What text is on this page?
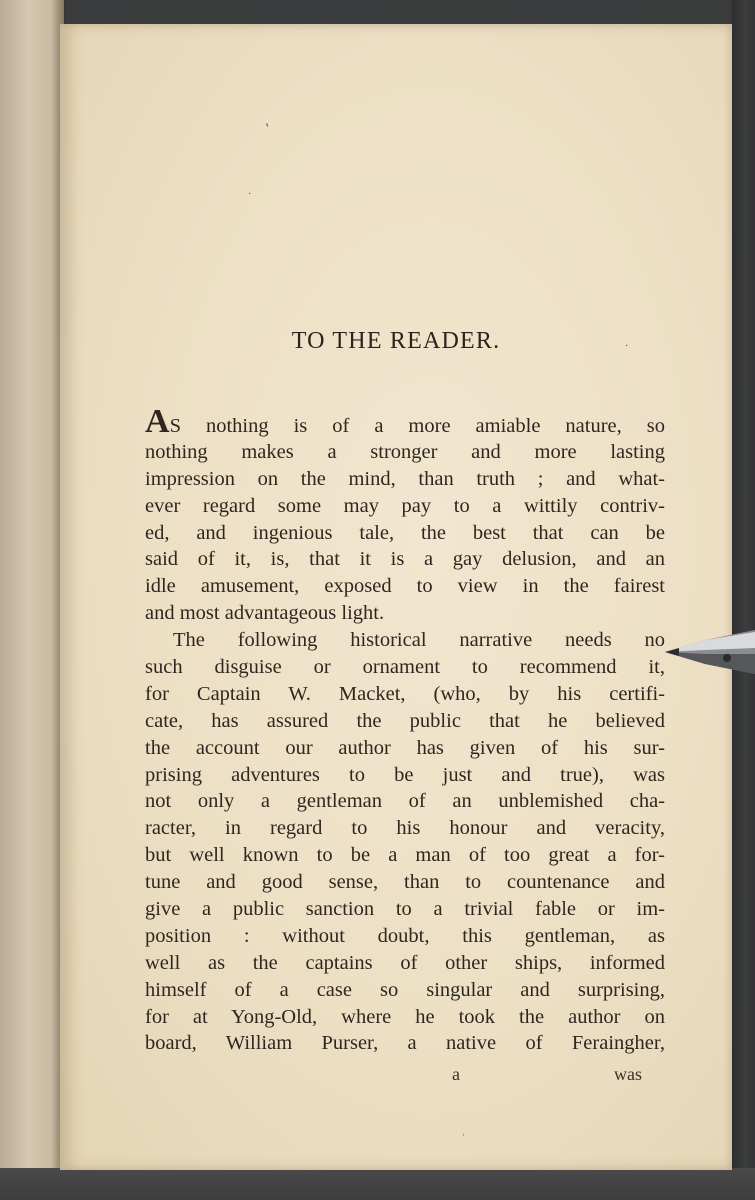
′
·
·
ˈ
TO THE READER.
AS nothing is of a more amiable nature, so
nothing makes a stronger and more lasting
impression on the mind, than truth ; and what-
ever regard some may pay to a wittily contriv-
ed, and ingenious tale, the best that can be
said of it, is, that it is a gay delusion, and an
idle amusement, exposed to view in the fairest
and most advantageous light.
The following historical narrative needs no
such disguise or ornament to recommend it,
for Captain W. Macket, (who, by his certifi-
cate, has assured the public that he believed
the account our author has given of his sur-
prising adventures to be just and true), was
not only a gentleman of an unblemished cha-
racter, in regard to his honour and veracity,
but well known to be a man of too great a for-
tune and good sense, than to countenance and
give a public sanction to a trivial fable or im-
position : without doubt, this gentleman, as
well as the captains of other ships, informed
himself of a case so singular and surprising,
for at Yong-Old, where he took the author on
board, William Purser, a native of Feraingher,
a	was
